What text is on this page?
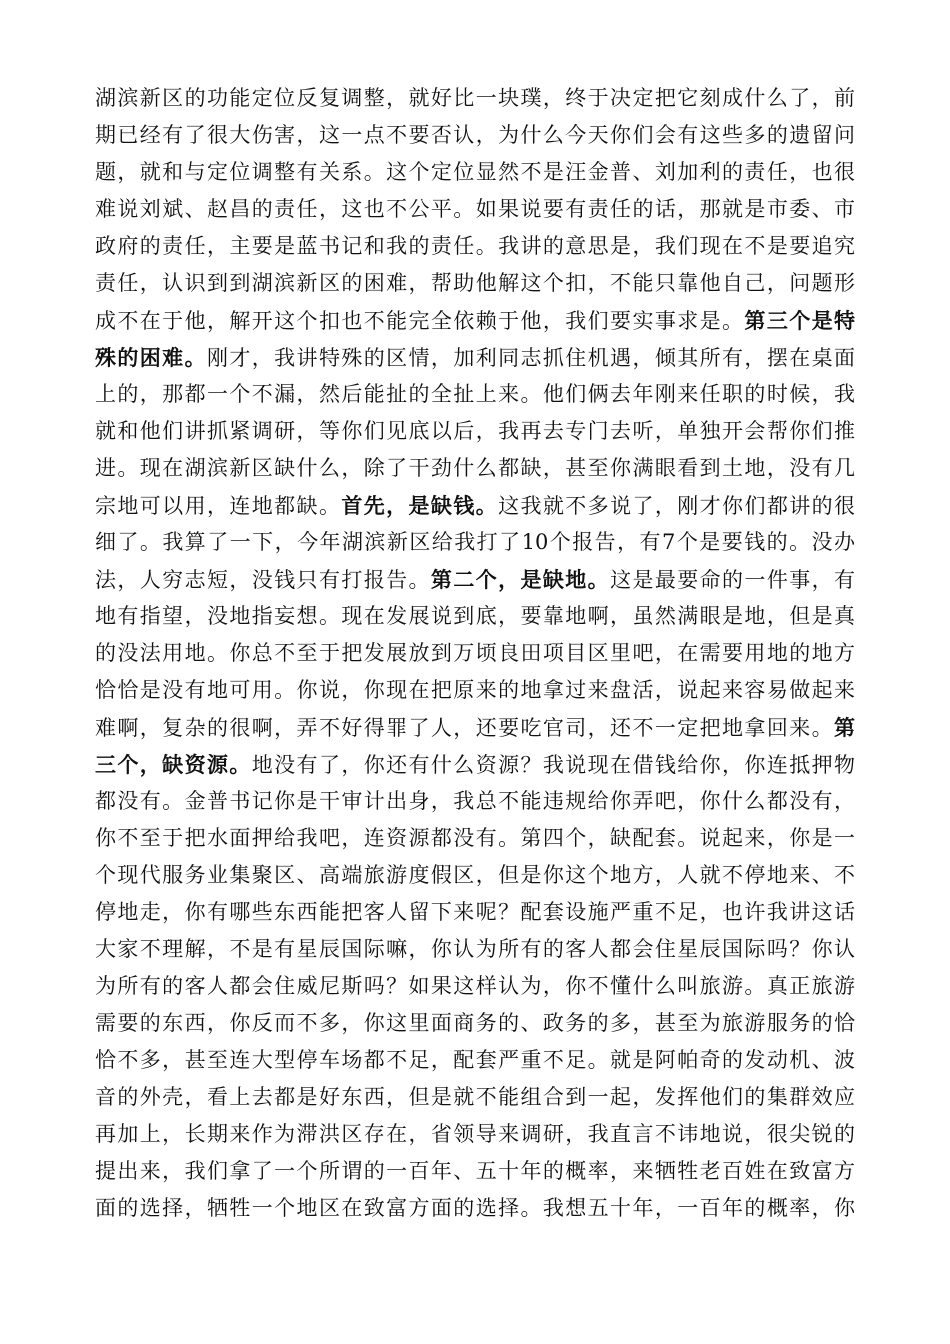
湖滨新区的功能定位反复调整，就好比一块璞，终于决定把它刻成什么了，前
期已经有了很大伤害，这一点不要否认，为什么今天你们会有这些多的遗留问
题，就和与定位调整有关系。这个定位显然不是汪金普、刘加利的责任，也很
难说刘斌、赵昌的责任，这也不公平。如果说要有责任的话，那就是市委、市
政府的责任，主要是蓝书记和我的责任。我讲的意思是，我们现在不是要追究
责任，认识到到湖滨新区的困难，帮助他解这个扣，不能只靠他自己，问题形
成不在于他，解开这个扣也不能完全依赖于他，我们要实事求是。第三个是特
殊的困难。刚才，我讲特殊的区情，加利同志抓住机遇，倾其所有，摆在桌面
上的，那都一个不漏，然后能扯的全扯上来。他们俩去年刚来任职的时候，我
就和他们讲抓紧调研，等你们见底以后，我再去专门去听，单独开会帮你们推
进。现在湖滨新区缺什么，除了干劲什么都缺，甚至你满眼看到土地，没有几
宗地可以用，连地都缺。首先，是缺钱。这我就不多说了，刚才你们都讲的很
细了。我算了一下，今年湖滨新区给我打了10个报告，有7个是要钱的。没办
法，人穷志短，没钱只有打报告。第二个，是缺地。这是最要命的一件事，有
地有指望，没地指妄想。现在发展说到底，要靠地啊，虽然满眼是地，但是真
的没法用地。你总不至于把发展放到万顷良田项目区里吧，在需要用地的地方
恰恰是没有地可用。你说，你现在把原来的地拿过来盘活，说起来容易做起来
难啊，复杂的很啊，弄不好得罪了人，还要吃官司，还不一定把地拿回来。第
三个，缺资源。地没有了，你还有什么资源？我说现在借钱给你，你连抵押物
都没有。金普书记你是干审计出身，我总不能违规给你弄吧，你什么都没有，
你不至于把水面押给我吧，连资源都没有。第四个，缺配套。说起来，你是一
个现代服务业集聚区、高端旅游度假区，但是你这个地方，人就不停地来、不
停地走，你有哪些东西能把客人留下来呢？配套设施严重不足，也许我讲这话
大家不理解，不是有星辰国际嘛，你认为所有的客人都会住星辰国际吗？你认
为所有的客人都会住威尼斯吗？如果这样认为，你不懂什么叫旅游。真正旅游
需要的东西，你反而不多，你这里面商务的、政务的多，甚至为旅游服务的恰
恰不多，甚至连大型停车场都不足，配套严重不足。就是阿帕奇的发动机、波
音的外壳，看上去都是好东西，但是就不能组合到一起，发挥他们的集群效应
再加上，长期来作为滞洪区存在，省领导来调研，我直言不讳地说，很尖锐的
提出来，我们拿了一个所谓的一百年、五十年的概率，来牺牲老百姓在致富方
面的选择，牺牲一个地区在致富方面的选择。我想五十年，一百年的概率，你
